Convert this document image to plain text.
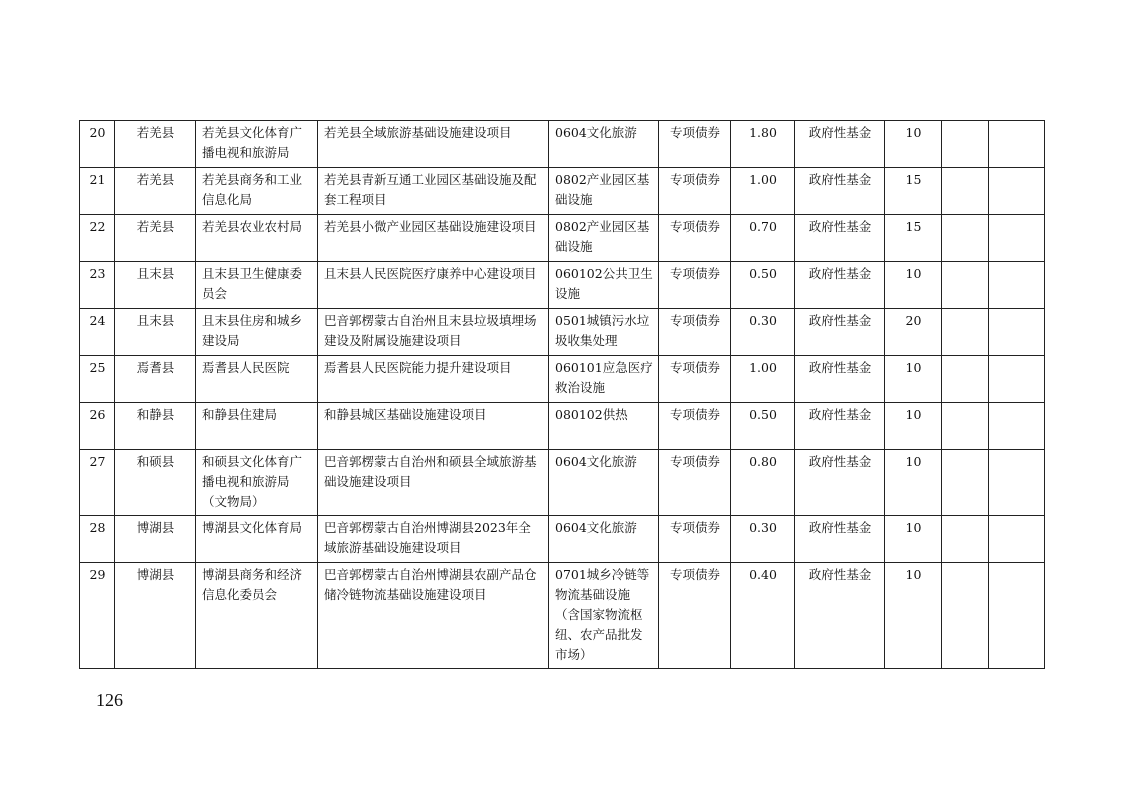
20	若羌县	若羌县文化体育广播电视和旅游局	若羌县全域旅游基础设施建设项目	0604文化旅游	专项债券	1.80	政府性基金	10		
21	若羌县	若羌县商务和工业信息化局	若羌县青新互通工业园区基础设施及配套工程项目	0802产业园区基础设施	专项债券	1.00	政府性基金	15		
22	若羌县	若羌县农业农村局	若羌县小微产业园区基础设施建设项目	0802产业园区基础设施	专项债券	0.70	政府性基金	15		
23	且末县	且末县卫生健康委员会	且末县人民医院医疗康养中心建设项目	060102公共卫生设施	专项债券	0.50	政府性基金	10		
24	且末县	且末县住房和城乡建设局	巴音郭楞蒙古自治州且末县垃圾填埋场建设及附属设施建设项目	0501城镇污水垃圾收集处理	专项债券	0.30	政府性基金	20		
25	焉耆县	焉耆县人民医院	焉耆县人民医院能力提升建设项目	060101应急医疗救治设施	专项债券	1.00	政府性基金	10		
26	和静县	和静县住建局	和静县城区基础设施建设项目	080102供热	专项债券	0.50	政府性基金	10		
27	和硕县	和硕县文化体育广播电视和旅游局（文物局）	巴音郭楞蒙古自治州和硕县全域旅游基础设施建设项目	0604文化旅游	专项债券	0.80	政府性基金	10		
28	博湖县	博湖县文化体育局	巴音郭楞蒙古自治州博湖县2023年全域旅游基础设施建设项目	0604文化旅游	专项债券	0.30	政府性基金	10		
29	博湖县	博湖县商务和经济信息化委员会	巴音郭楞蒙古自治州博湖县农副产品仓储冷链物流基础设施建设项目	0701城乡冷链等物流基础设施（含国家物流枢纽、农产品批发市场）	专项债券	0.40	政府性基金	10		
126
